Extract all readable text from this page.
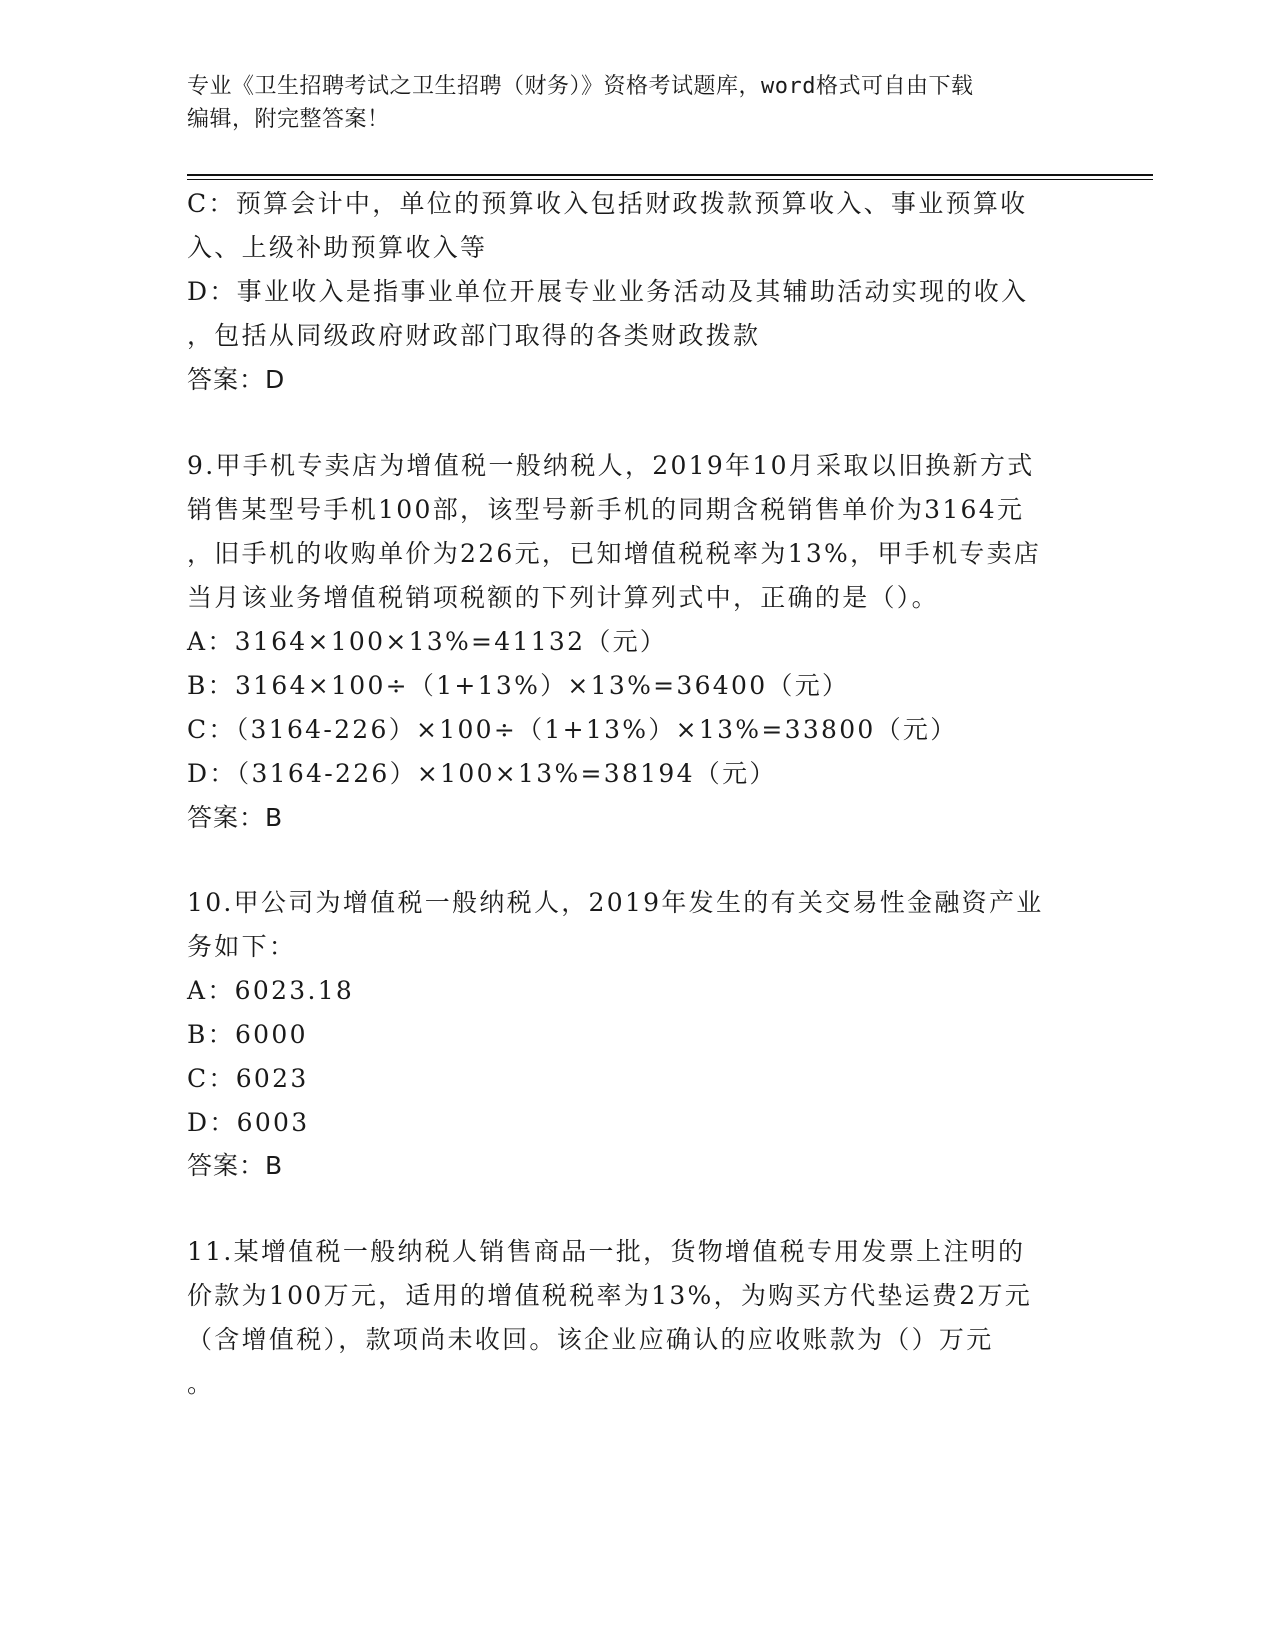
专业《卫生招聘考试之卫生招聘（财务）》资格考试题库，word格式可自由下载
编辑，附完整答案！
C：预算会计中，单位的预算收入包括财政拨款预算收入、事业预算收
入、上级补助预算收入等
D：事业收入是指事业单位开展专业业务活动及其辅助活动实现的收入
，包括从同级政府财政部门取得的各类财政拨款
答案：D
9.甲手机专卖店为增值税一般纳税人，2019年10月采取以旧换新方式
销售某型号手机100部，该型号新手机的同期含税销售单价为3164元
，旧手机的收购单价为226元，已知增值税税率为13%，甲手机专卖店
当月该业务增值税销项税额的下列计算列式中，正确的是（）。
A：3164×100×13%=41132（元）
B：3164×100÷（1+13%）×13%=36400（元）
C：（3164-226）×100÷（1+13%）×13%=33800（元）
D：（3164-226）×100×13%=38194（元）
答案：B
10.甲公司为增值税一般纳税人，2019年发生的有关交易性金融资产业
务如下：
A：6023.18
B：6000
C：6023
D：6003
答案：B
11.某增值税一般纳税人销售商品一批，货物增值税专用发票上注明的
价款为100万元，适用的增值税税率为13%，为购买方代垫运费2万元
（含增值税），款项尚未收回。该企业应确认的应收账款为（）万元
。
